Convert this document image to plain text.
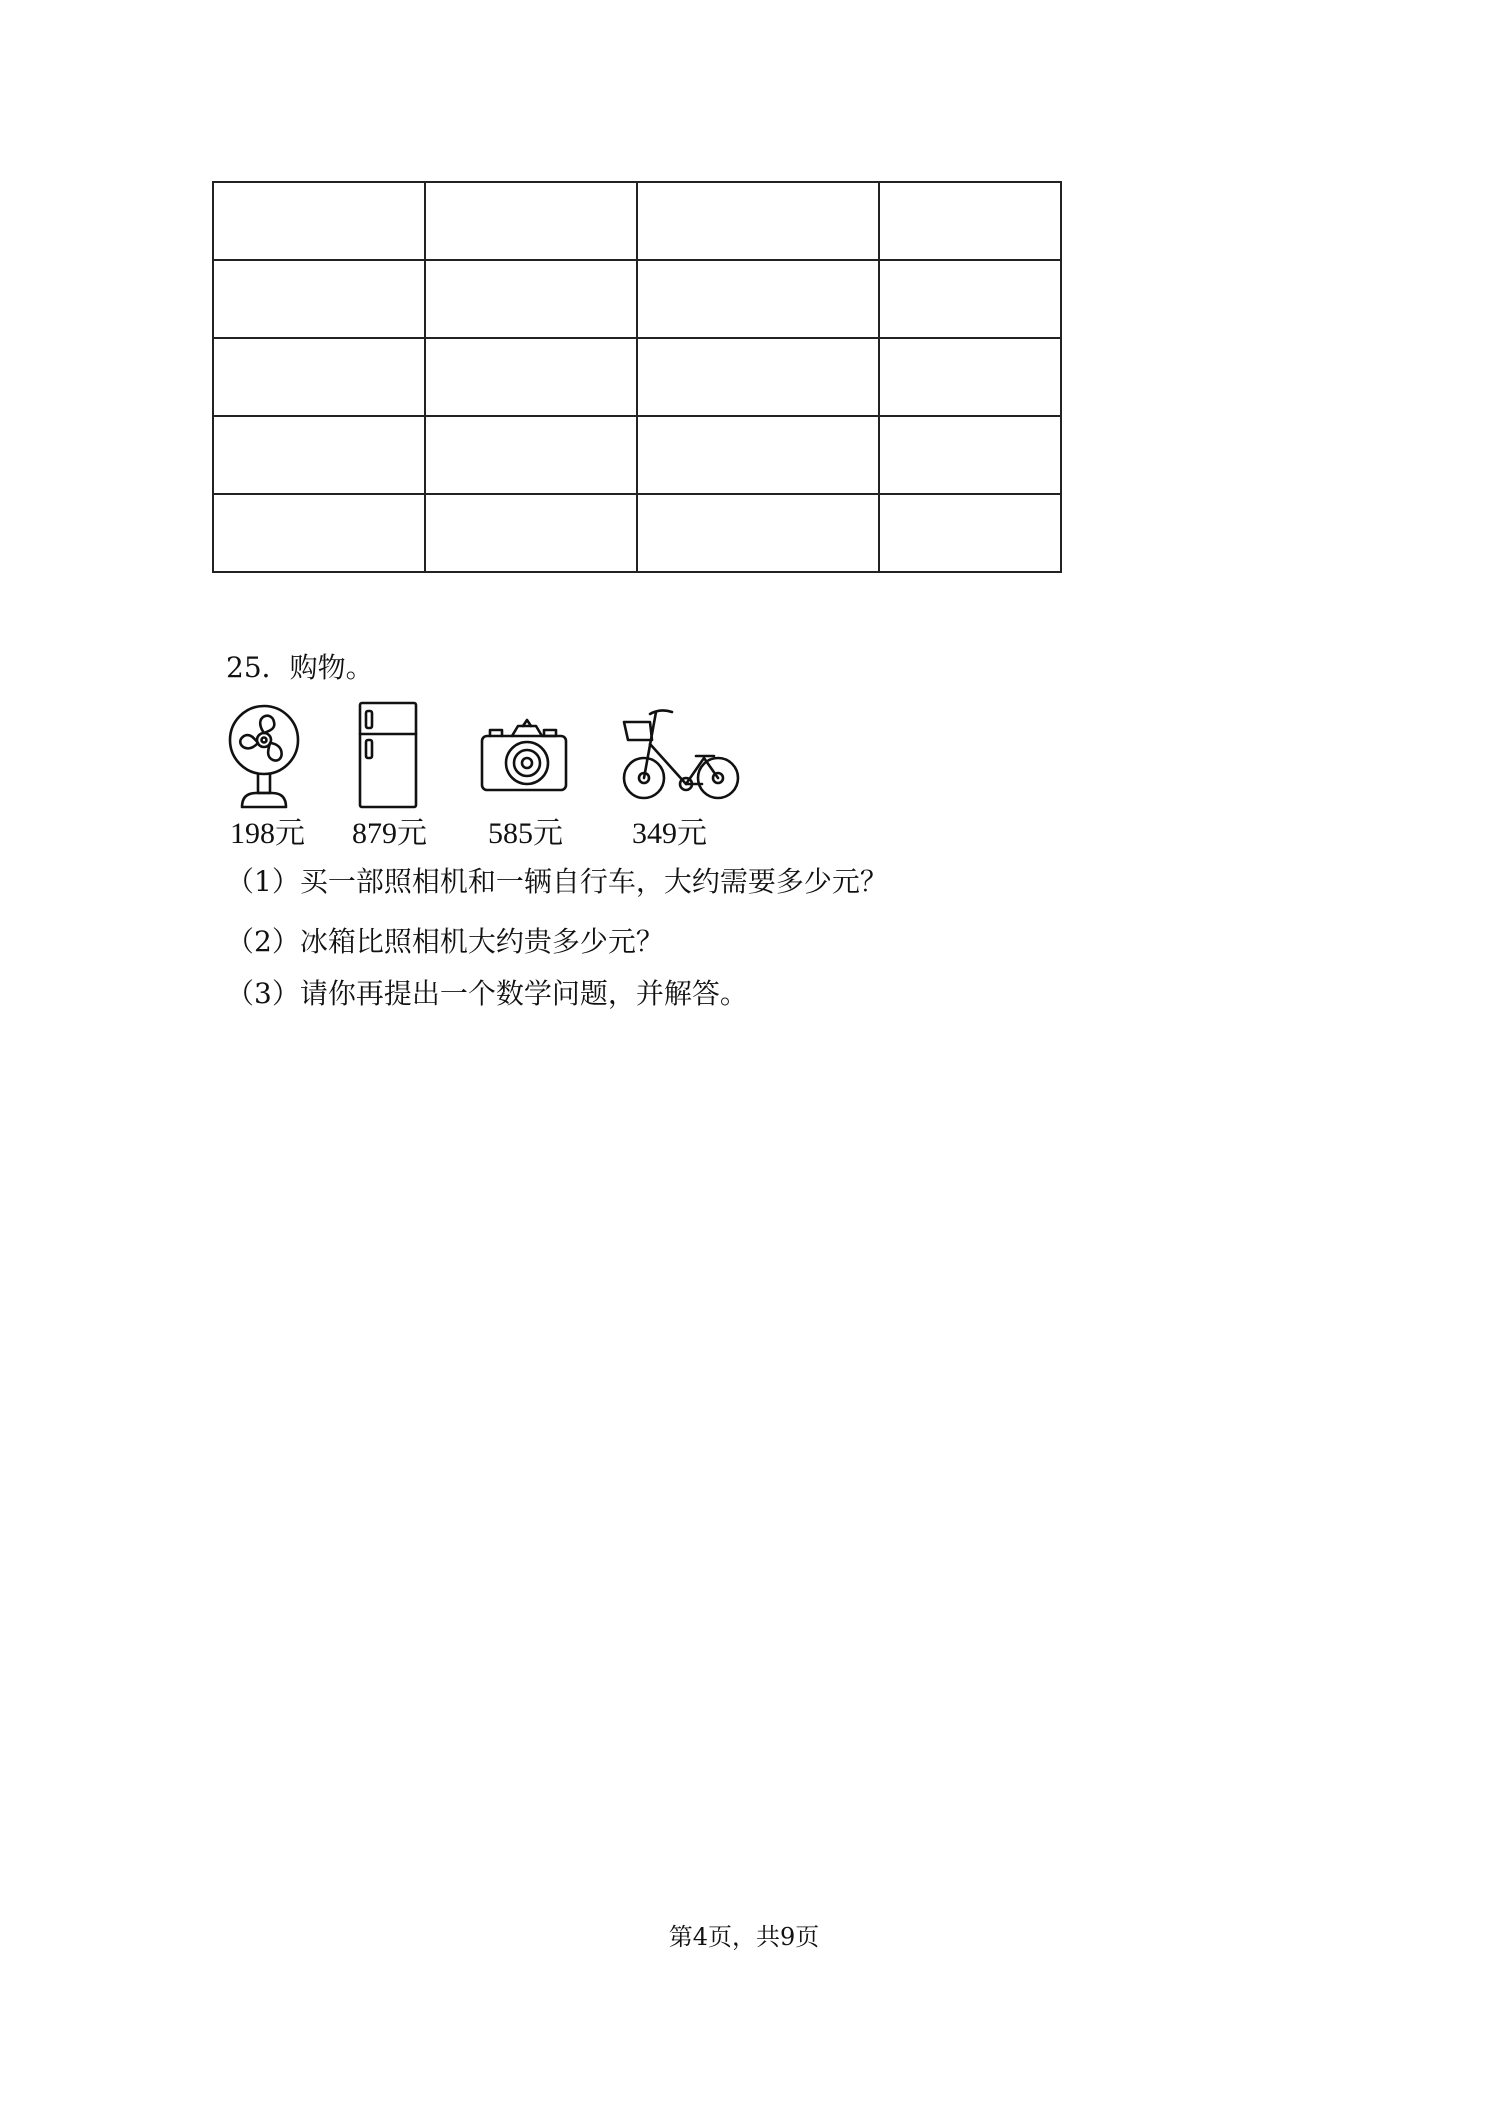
25．购物。
198元 879元 585元 349元
（1）买一部照相机和一辆自行车，大约需要多少元？
（2）冰箱比照相机大约贵多少元？
（3）请你再提出一个数学问题，并解答。
第4页，共9页
